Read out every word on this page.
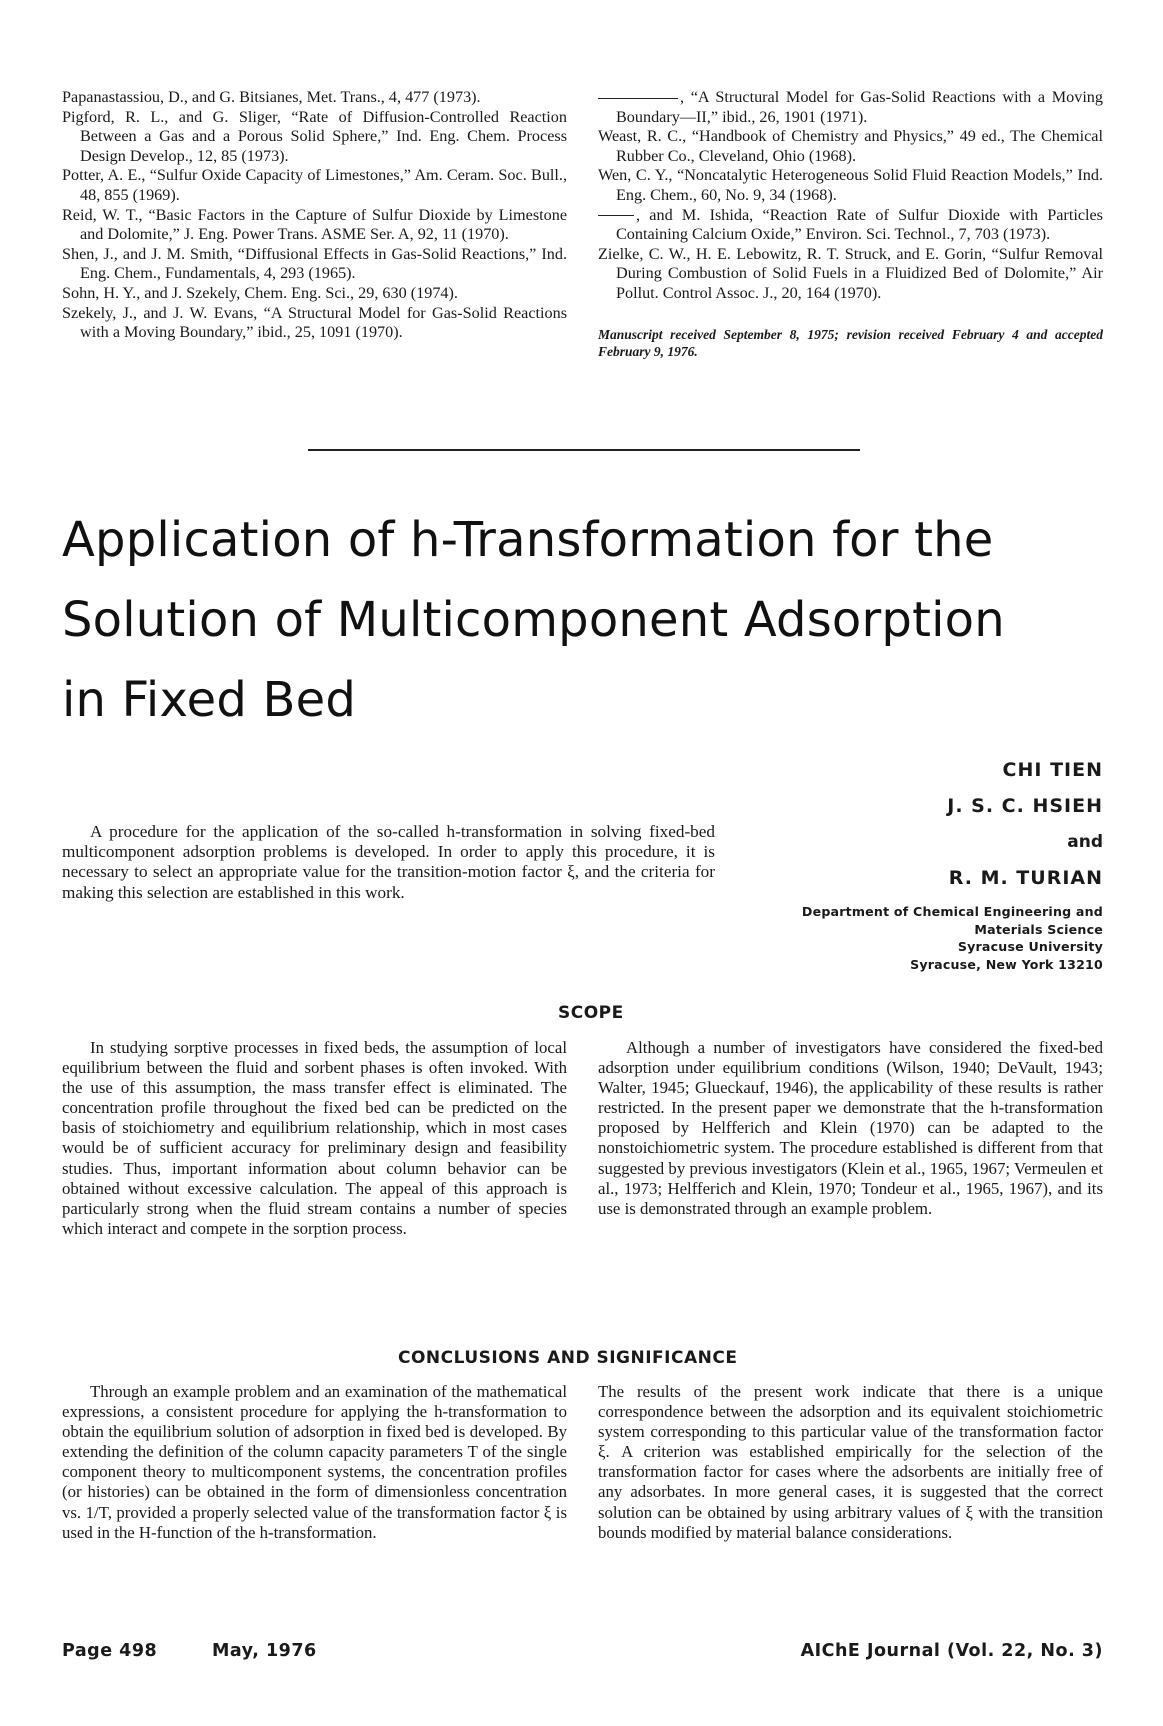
Papanastassiou, D., and G. Bitsianes, Met. Trans., 4, 477 (1973).

Pigford, R. L., and G. Sliger, “Rate of Diffusion-Controlled Reaction Between a Gas and a Porous Solid Sphere,” Ind. Eng. Chem. Process Design Develop., 12, 85 (1973).

Potter, A. E., “Sulfur Oxide Capacity of Limestones,” Am. Ceram. Soc. Bull., 48, 855 (1969).

Reid, W. T., “Basic Factors in the Capture of Sulfur Dioxide by Limestone and Dolomite,” J. Eng. Power Trans. ASME Ser. A, 92, 11 (1970).

Shen, J., and J. M. Smith, “Diffusional Effects in Gas-Solid Reactions,” Ind. Eng. Chem., Fundamentals, 4, 293 (1965).

Sohn, H. Y., and J. Szekely, Chem. Eng. Sci., 29, 630 (1974).

Szekely, J., and J. W. Evans, “A Structural Model for Gas-Solid Reactions with a Moving Boundary,” ibid., 25, 1091 (1970).

, “A Structural Model for Gas-Solid Reactions with a Moving Boundary—II,” ibid., 26, 1901 (1971).

Weast, R. C., “Handbook of Chemistry and Physics,” 49 ed., The Chemical Rubber Co., Cleveland, Ohio (1968).

Wen, C. Y., “Noncatalytic Heterogeneous Solid Fluid Reaction Models,” Ind. Eng. Chem., 60, No. 9, 34 (1968).

, and M. Ishida, “Reaction Rate of Sulfur Dioxide with Particles Containing Calcium Oxide,” Environ. Sci. Technol., 7, 703 (1973).

Zielke, C. W., H. E. Lebowitz, R. T. Struck, and E. Gorin, “Sulfur Removal During Combustion of Solid Fuels in a Fluidized Bed of Dolomite,” Air Pollut. Control Assoc. J., 20, 164 (1970).

Manuscript received September 8, 1975; revision received February 4 and accepted February 9, 1976.

Application of h-Transformation for the
Solution of Multicomponent Adsorption
in Fixed Bed
CHI TIEN
J. S. C. HSIEH
and
R. M. TURIAN
Department of Chemical Engineering and
Materials Science
Syracuse University
Syracuse, New York 13210

A procedure for the application of the so-called h-transformation in solving fixed-bed multicomponent adsorption problems is developed. In order to apply this procedure, it is necessary to select an appropriate value for the transition-motion factor ξ, and the criteria for making this selection are established in this work.

SCOPE

In studying sorptive processes in fixed beds, the assumption of local equilibrium between the fluid and sorbent phases is often invoked. With the use of this assumption, the mass transfer effect is eliminated. The concentration profile throughout the fixed bed can be predicted on the basis of stoichiometry and equilibrium relationship, which in most cases would be of sufficient accuracy for preliminary design and feasibility studies. Thus, important information about column behavior can be obtained without excessive calculation. The appeal of this approach is particularly strong when the fluid stream contains a number of species which interact and compete in the sorption process.

Although a number of investigators have considered the fixed-bed adsorption under equilibrium conditions (Wilson, 1940; DeVault, 1943; Walter, 1945; Glueckauf, 1946), the applicability of these results is rather restricted. In the present paper we demonstrate that the h-transformation proposed by Helfferich and Klein (1970) can be adapted to the nonstoichiometric system. The procedure established is different from that suggested by previous investigators (Klein et al., 1965, 1967; Vermeulen et al., 1973; Helfferich and Klein, 1970; Tondeur et al., 1965, 1967), and its use is demonstrated through an example problem.

CONCLUSIONS AND SIGNIFICANCE

Through an example problem and an examination of the mathematical expressions, a consistent procedure for applying the h-transformation to obtain the equilibrium solution of adsorption in fixed bed is developed. By extending the definition of the column capacity parameters T of the single component theory to multicomponent systems, the concentration profiles (or histories) can be obtained in the form of dimensionless concentration vs. 1/T, provided a properly selected value of the transformation factor ξ is used in the H-function of the h-transformation.

The results of the present work indicate that there is a unique correspondence between the adsorption and its equivalent stoichiometric system corresponding to this particular value of the transformation factor ξ. A criterion was established empirically for the selection of the transformation factor for cases where the adsorbents are initially free of any adsorbates. In more general cases, it is suggested that the correct solution can be obtained by using arbitrary values of ξ with the transition bounds modified by material balance considerations.

Page 498	May, 1976	AIChE Journal (Vol. 22, No. 3)
